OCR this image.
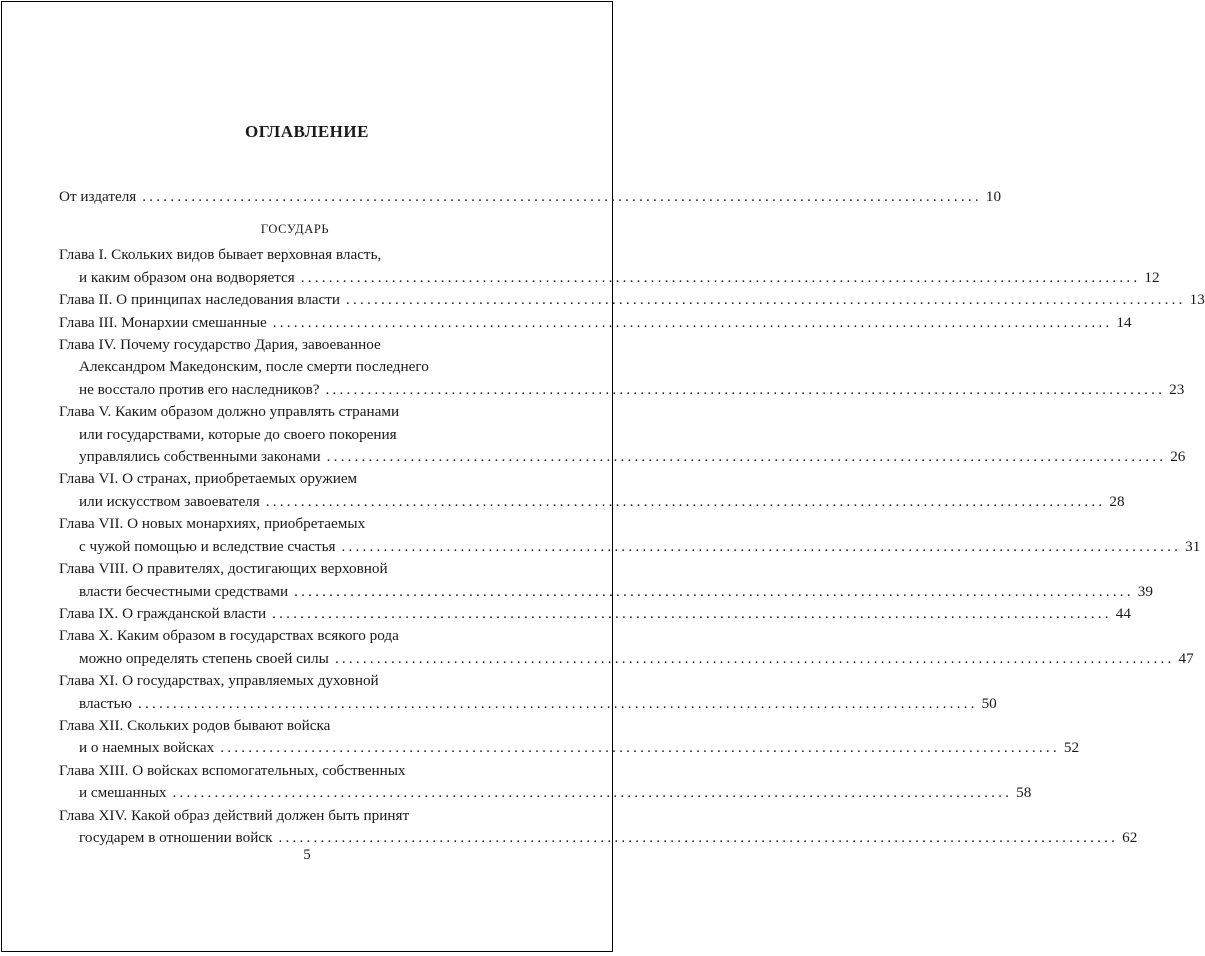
ОГЛАВЛЕНИЕ
От издателя ........................................................................................................................ 10
ГОСУДАРЬ
Глава I. Скольких видов бывает верховная власть,
и каким образом она водворяется ........................................................................................................................ 12
Глава II. О принципах наследования власти ........................................................................................................................ 13
Глава III. Монархии смешанные ........................................................................................................................ 14
Глава IV. Почему государство Дария, завоеванное
Александром Македонским, после смерти последнего
не восстало против его наследников? ........................................................................................................................ 23
Глава V. Каким образом должно управлять странами
или государствами, которые до своего покорения
управлялись собственными законами ........................................................................................................................ 26
Глава VI. О странах, приобретаемых оружием
или искусством завоевателя ........................................................................................................................ 28
Глава VII. О новых монархиях, приобретаемых
с чужой помощью и вследствие счастья ........................................................................................................................ 31
Глава VIII. О правителях, достигающих верховной
власти бесчестными средствами ........................................................................................................................ 39
Глава IX. О гражданской власти ........................................................................................................................ 44
Глава X. Каким образом в государствах всякого рода
можно определять степень своей силы ........................................................................................................................ 47
Глава XI. О государствах, управляемых духовной
властью ........................................................................................................................ 50
Глава XII. Скольких родов бывают войска
и о наемных войсках ........................................................................................................................ 52
Глава XIII. О войсках вспомогательных, собственных
и смешанных ........................................................................................................................ 58
Глава XIV. Какой образ действий должен быть принят
государем в отношении войск ........................................................................................................................ 62
5
